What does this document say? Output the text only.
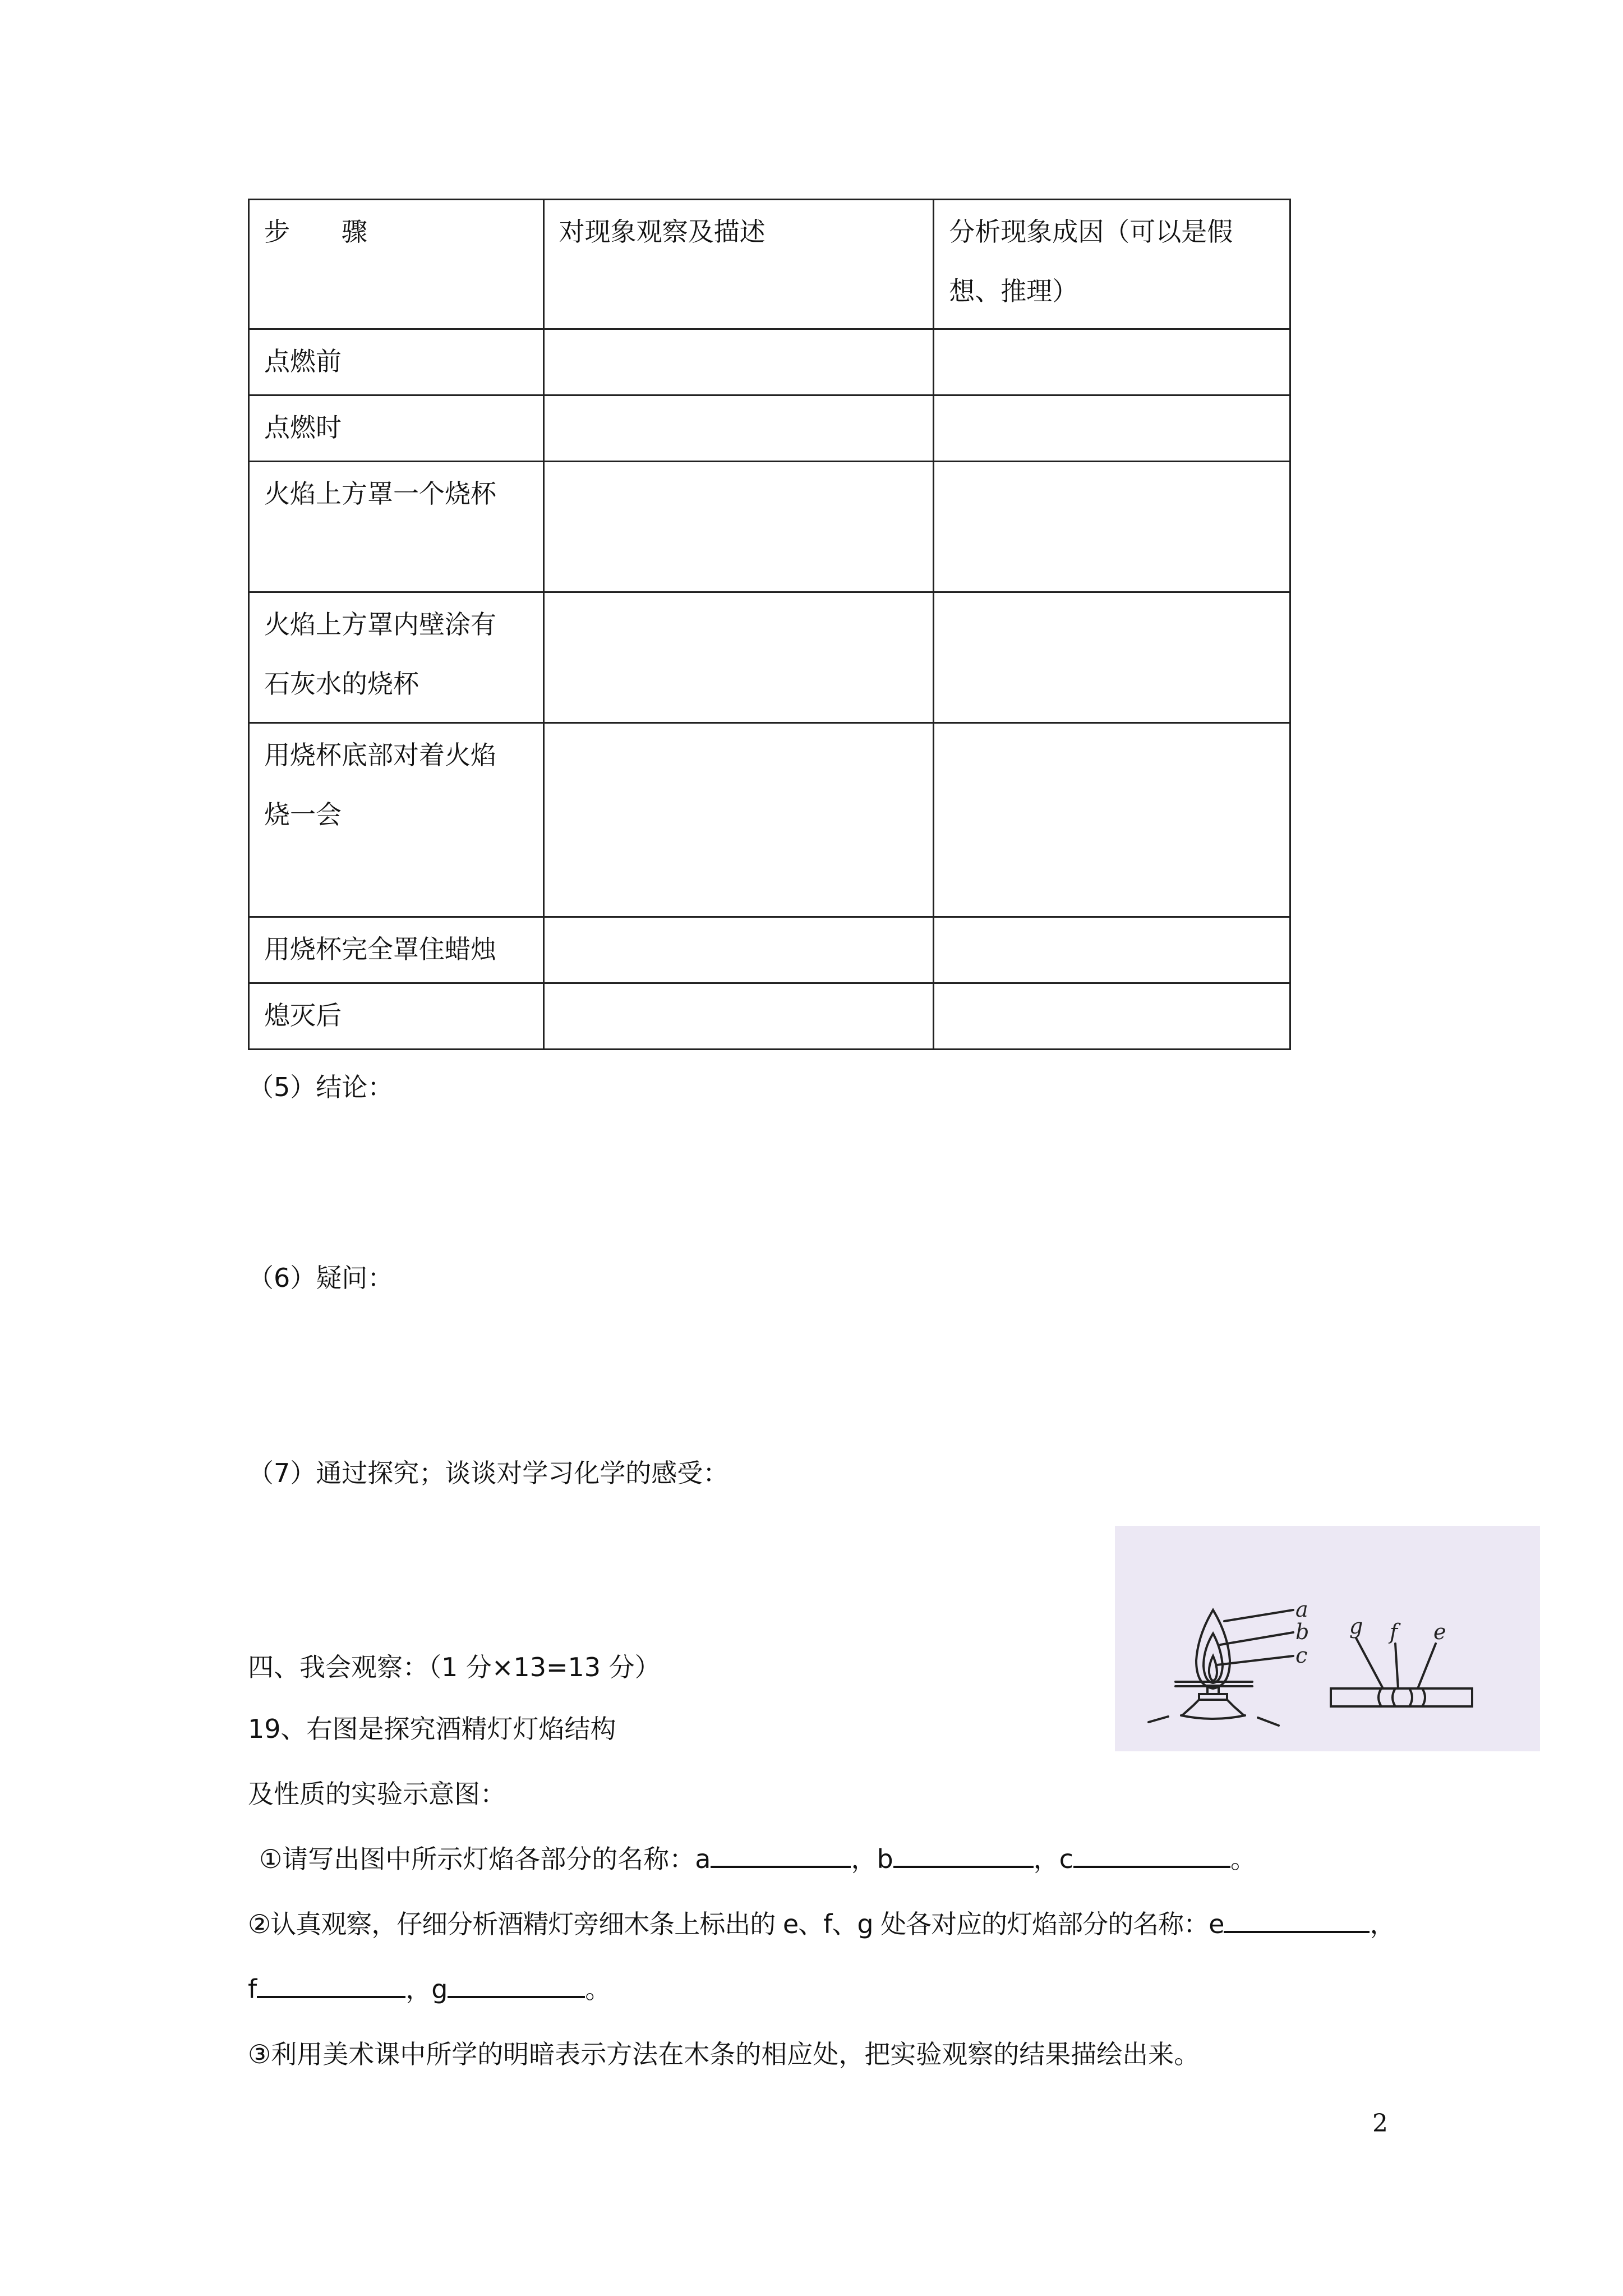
步　　骤	对现象观察及描述	分析现象成因（可以是假
想、推理）

点燃前		

点燃时		

火焰上方罩一个烧杯		

火焰上方罩内壁涂有
石灰水的烧杯		

用烧杯底部对着火焰
烧一会		

用烧杯完全罩住蜡烛		

熄灭后		

（5）结论：
（6）疑问：
（7）通过探究；谈谈对学习化学的感受：
四、我会观察：（1 分×13=13 分）
19、右图是探究酒精灯灯焰结构
及性质的实验示意图：
①请写出图中所示灯焰各部分的名称：a	，b	，c	。
②认真观察，仔细分析酒精灯旁细木条上标出的 e、f、g 处各对应的灯焰部分的名称：e	，
f	，g	。
③利用美术课中所学的明暗表示方法在木条的相应处，把实验观察的结果描绘出来。
a
b
c
g f e
2
